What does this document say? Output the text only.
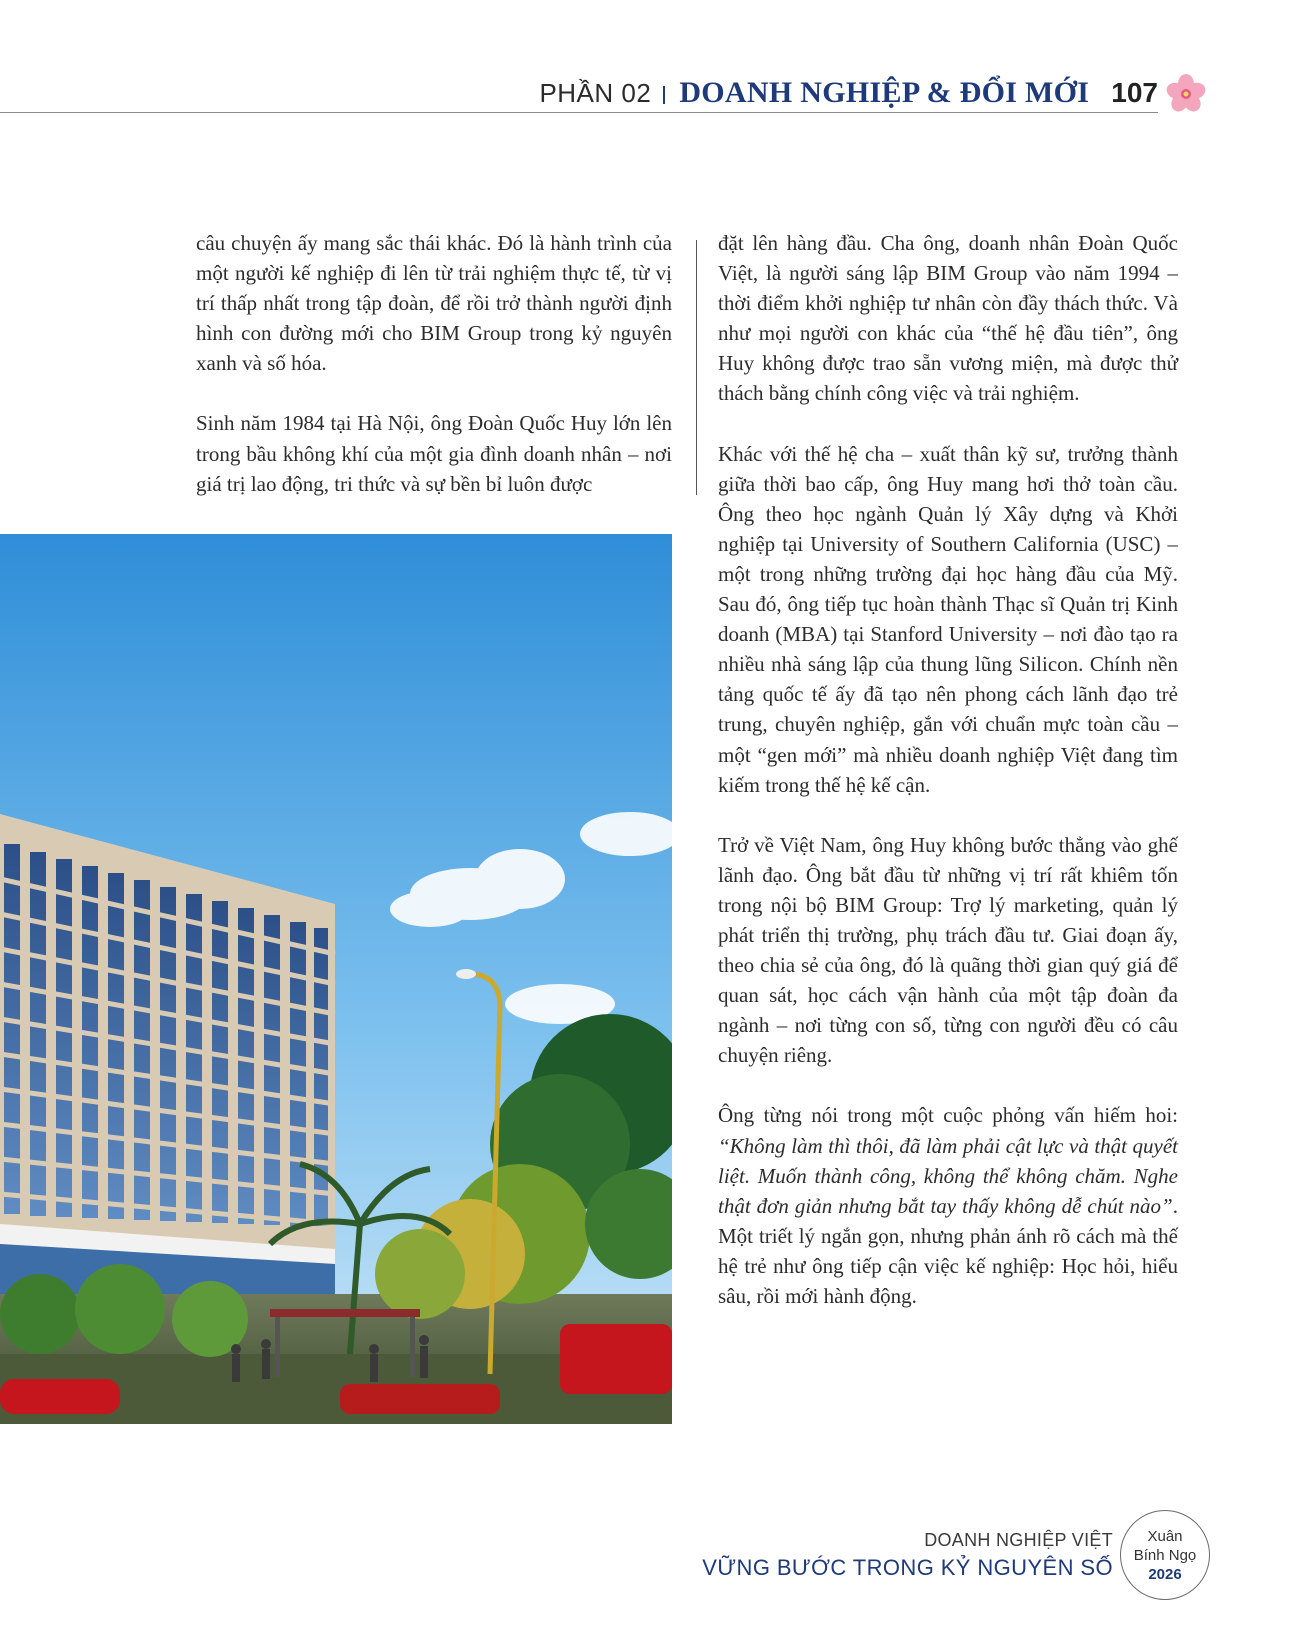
PHẦN 02 DOANH NGHIỆP & ĐỔI MỚI 107

câu chuyện ấy mang sắc thái khác. Đó là hành trình của một người kế nghiệp đi lên từ trải nghiệm thực tế, từ vị trí thấp nhất trong tập đoàn, để rồi trở thành người định hình con đường mới cho BIM Group trong kỷ nguyên xanh và số hóa.

Sinh năm 1984 tại Hà Nội, ông Đoàn Quốc Huy lớn lên trong bầu không khí của một gia đình doanh nhân – nơi giá trị lao động, tri thức và sự bền bỉ luôn được

đặt lên hàng đầu. Cha ông, doanh nhân Đoàn Quốc Việt, là người sáng lập BIM Group vào năm 1994 – thời điểm khởi nghiệp tư nhân còn đầy thách thức. Và như mọi người con khác của “thế hệ đầu tiên”, ông Huy không được trao sẵn vương miện, mà được thử thách bằng chính công việc và trải nghiệm.

Khác với thế hệ cha – xuất thân kỹ sư, trưởng thành giữa thời bao cấp, ông Huy mang hơi thở toàn cầu. Ông theo học ngành Quản lý Xây dựng và Khởi nghiệp tại University of Southern California (USC) – một trong những trường đại học hàng đầu của Mỹ. Sau đó, ông tiếp tục hoàn thành Thạc sĩ Quản trị Kinh doanh (MBA) tại Stanford University – nơi đào tạo ra nhiều nhà sáng lập của thung lũng Silicon. Chính nền tảng quốc tế ấy đã tạo nên phong cách lãnh đạo trẻ trung, chuyên nghiệp, gắn với chuẩn mực toàn cầu – một “gen mới” mà nhiều doanh nghiệp Việt đang tìm kiếm trong thế hệ kế cận.

Trở về Việt Nam, ông Huy không bước thẳng vào ghế lãnh đạo. Ông bắt đầu từ những vị trí rất khiêm tốn trong nội bộ BIM Group: Trợ lý marketing, quản lý phát triển thị trường, phụ trách đầu tư. Giai đoạn ấy, theo chia sẻ của ông, đó là quãng thời gian quý giá để quan sát, học cách vận hành của một tập đoàn đa ngành – nơi từng con số, từng con người đều có câu chuyện riêng.

Ông từng nói trong một cuộc phỏng vấn hiếm hoi: “Không làm thì thôi, đã làm phải cật lực và thật quyết liệt. Muốn thành công, không thể không chăm. Nghe thật đơn giản nhưng bắt tay thấy không dễ chút nào”. Một triết lý ngắn gọn, nhưng phản ánh rõ cách mà thế hệ trẻ như ông tiếp cận việc kế nghiệp: Học hỏi, hiểu sâu, rồi mới hành động.

DOANH NGHIỆP VIỆT
VỮNG BƯỚC TRONG KỶ NGUYÊN SỐ
Xuân
Bính Ngọ
2026
